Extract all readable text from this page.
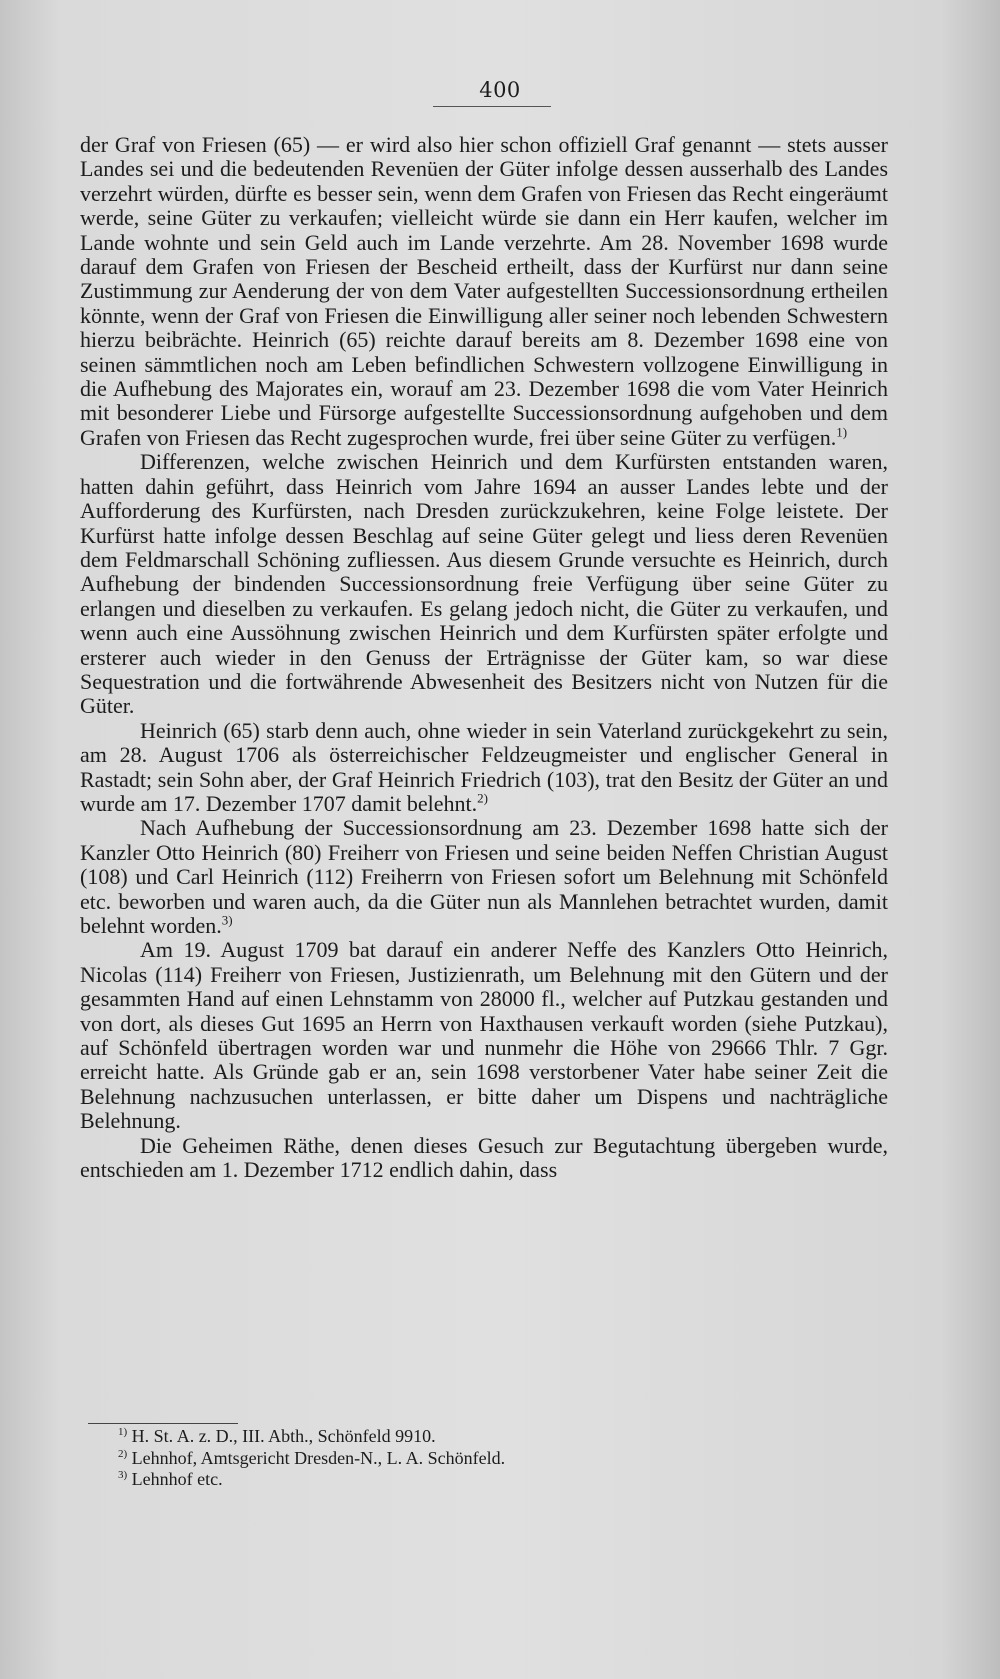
400

der Graf von Friesen (65) — er wird also hier schon offiziell Graf genannt — stets ausser Landes sei und die bedeutenden Revenüen der Güter infolge dessen ausserhalb des Landes verzehrt würden, dürfte es besser sein, wenn dem Grafen von Friesen das Recht eingeräumt werde, seine Güter zu verkaufen; vielleicht würde sie dann ein Herr kaufen, welcher im Lande wohnte und sein Geld auch im Lande verzehrte. Am 28. November 1698 wurde darauf dem Grafen von Friesen der Bescheid ertheilt, dass der Kurfürst nur dann seine Zustimmung zur Aenderung der von dem Vater aufgestellten Successionsordnung ertheilen könnte, wenn der Graf von Friesen die Einwilligung aller seiner noch lebenden Schwestern hierzu beibrächte. Heinrich (65) reichte darauf bereits am 8. Dezember 1698 eine von seinen sämmtlichen noch am Leben befindlichen Schwestern vollzogene Einwilligung in die Aufhebung des Majorates ein, worauf am 23. Dezember 1698 die vom Vater Heinrich mit besonderer Liebe und Fürsorge aufgestellte Successionsordnung aufgehoben und dem Grafen von Friesen das Recht zugesprochen wurde, frei über seine Güter zu verfügen.$^{1)}$

Differenzen, welche zwischen Heinrich und dem Kurfürsten entstanden waren, hatten dahin geführt, dass Heinrich vom Jahre 1694 an ausser Landes lebte und der Aufforderung des Kurfürsten, nach Dresden zurückzukehren, keine Folge leistete. Der Kurfürst hatte infolge dessen Beschlag auf seine Güter gelegt und liess deren Revenüen dem Feldmarschall Schöning zufliessen. Aus diesem Grunde versuchte es Heinrich, durch Aufhebung der bindenden Successionsordnung freie Verfügung über seine Güter zu erlangen und dieselben zu verkaufen. Es gelang jedoch nicht, die Güter zu verkaufen, und wenn auch eine Aussöhnung zwischen Heinrich und dem Kurfürsten später erfolgte und ersterer auch wieder in den Genuss der Erträgnisse der Güter kam, so war diese Sequestration und die fortwährende Abwesenheit des Besitzers nicht von Nutzen für die Güter.

Heinrich (65) starb denn auch, ohne wieder in sein Vaterland zurückgekehrt zu sein, am 28. August 1706 als österreichischer Feldzeugmeister und englischer General in Rastadt; sein Sohn aber, der Graf Heinrich Friedrich (103), trat den Besitz der Güter an und wurde am 17. Dezember 1707 damit belehnt.$^{2)}$

Nach Aufhebung der Successionsordnung am 23. Dezember 1698 hatte sich der Kanzler Otto Heinrich (80) Freiherr von Friesen und seine beiden Neffen Christian August (108) und Carl Heinrich (112) Freiherrn von Friesen sofort um Belehnung mit Schönfeld etc. beworben und waren auch, da die Güter nun als Mannlehen betrachtet wurden, damit belehnt worden.$^{3)}$

Am 19. August 1709 bat darauf ein anderer Neffe des Kanzlers Otto Heinrich, Nicolas (114) Freiherr von Friesen, Justizienrath, um Belehnung mit den Gütern und der gesammten Hand auf einen Lehnstamm von 28000 fl., welcher auf Putzkau gestanden und von dort, als dieses Gut 1695 an Herrn von Haxthausen verkauft worden (siehe Putzkau), auf Schönfeld übertragen worden war und nunmehr die Höhe von 29666 Thlr. 7 Ggr. erreicht hatte. Als Gründe gab er an, sein 1698 verstorbener Vater habe seiner Zeit die Belehnung nachzusuchen unterlassen, er bitte daher um Dispens und nachträgliche Belehnung.

Die Geheimen Räthe, denen dieses Gesuch zur Begutachtung übergeben wurde, entschieden am 1. Dezember 1712 endlich dahin, dass

$^{1)}$ H. St. A. z. D., III. Abth., Schönfeld 9910.
$^{2)}$ Lehnhof, Amtsgericht Dresden-N., L. A. Schönfeld.
$^{3)}$ Lehnhof etc.
